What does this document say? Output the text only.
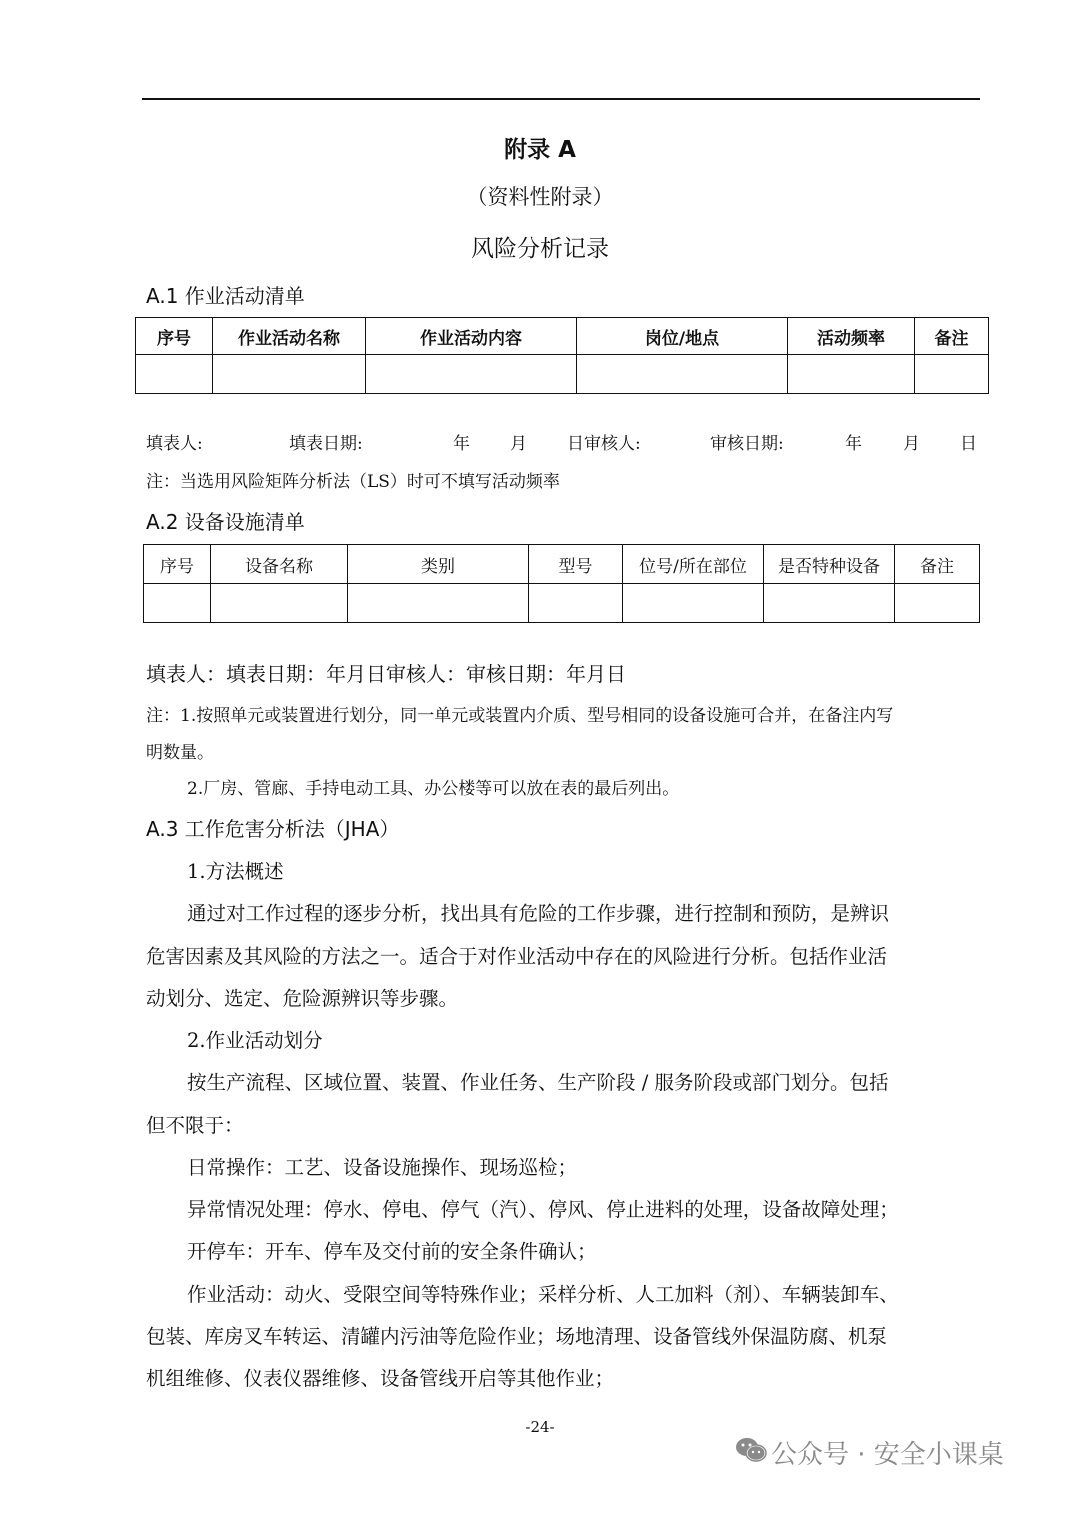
附录 A
（资料性附录）
风险分析记录
A.1 作业活动清单
序号	作业活动名称	作业活动内容	岗位/地点	活动频率	备注

填表人:	填表日期:	年 月 日审核人:	审核日期:	年 月 日
注：当选用风险矩阵分析法（LS）时可不填写活动频率
A.2 设备设施清单
序号	设备名称	类别	型号	位号/所在部位	是否特种设备	备注

填表人：填表日期：年月日审核人：审核日期：年月日
注：1.按照单元或装置进行划分，同一单元或装置内介质、型号相同的设备设施可合并，在备注内写
明数量。
2.厂房、管廊、手持电动工具、办公楼等可以放在表的最后列出。
A.3 工作危害分析法（JHA）
1.方法概述
通过对工作过程的逐步分析，找出具有危险的工作步骤，进行控制和预防，是辨识
危害因素及其风险的方法之一。适合于对作业活动中存在的风险进行分析。包括作业活
动划分、选定、危险源辨识等步骤。
2.作业活动划分
按生产流程、区域位置、装置、作业任务、生产阶段 / 服务阶段或部门划分。包括
但不限于：
日常操作：工艺、设备设施操作、现场巡检；
异常情况处理：停水、停电、停气（汽）、停风、停止进料的处理，设备故障处理；
开停车：开车、停车及交付前的安全条件确认；
作业活动：动火、受限空间等特殊作业；采样分析、人工加料（剂）、车辆装卸车、
包装、库房叉车转运、清罐内污油等危险作业；场地清理、设备管线外保温防腐、机泵
机组维修、仪表仪器维修、设备管线开启等其他作业；
-24-
公众号 · 安全小课桌
